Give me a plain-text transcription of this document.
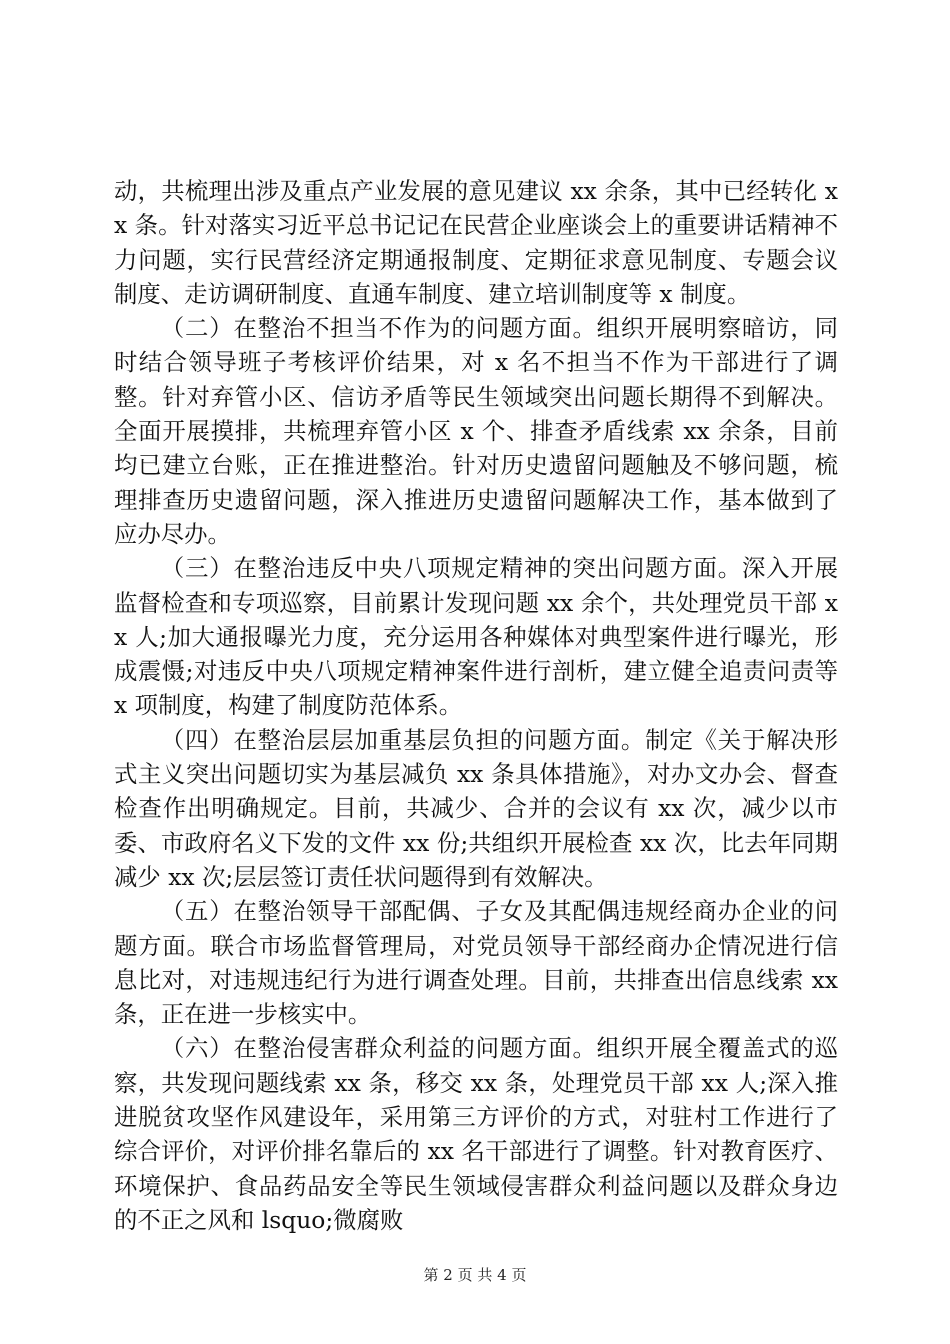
动，共梳理出涉及重点产业发展的意见建议 xx 余条，其中已经转化 xx 条。针对落实习近平总书记记在民营企业座谈会上的重要讲话精神不力问题，实行民营经济定期通报制度、定期征求意见制度、专题会议制度、走访调研制度、直通车制度、建立培训制度等 x 制度。

（二）在整治不担当不作为的问题方面。组织开展明察暗访，同时结合领导班子考核评价结果，对 x 名不担当不作为干部进行了调整。针对弃管小区、信访矛盾等民生领域突出问题长期得不到解决。全面开展摸排，共梳理弃管小区 x 个、排查矛盾线索 xx 余条，目前均已建立台账，正在推进整治。针对历史遗留问题触及不够问题，梳理排查历史遗留问题，深入推进历史遗留问题解决工作，基本做到了应办尽办。

（三）在整治违反中央八项规定精神的突出问题方面。深入开展监督检查和专项巡察，目前累计发现问题 xx 余个，共处理党员干部 xx 人;加大通报曝光力度，充分运用各种媒体对典型案件进行曝光，形成震慑;对违反中央八项规定精神案件进行剖析，建立健全追责问责等 x 项制度，构建了制度防范体系。

（四）在整治层层加重基层负担的问题方面。制定《关于解决形式主义突出问题切实为基层减负 xx 条具体措施》，对办文办会、督查检查作出明确规定。目前，共减少、合并的会议有 xx 次，减少以市委、市政府名义下发的文件 xx 份;共组织开展检查 xx 次，比去年同期减少 xx 次;层层签订责任状问题得到有效解决。

（五）在整治领导干部配偶、子女及其配偶违规经商办企业的问题方面。联合市场监督管理局，对党员领导干部经商办企情况进行信息比对，对违规违纪行为进行调查处理。目前，共排查出信息线索 xx 条，正在进一步核实中。

（六）在整治侵害群众利益的问题方面。组织开展全覆盖式的巡察，共发现问题线索 xx 条，移交 xx 条，处理党员干部 xx 人;深入推进脱贫攻坚作风建设年，采用第三方评价的方式，对驻村工作进行了综合评价，对评价排名靠后的 xx 名干部进行了调整。针对教育医疗、环境保护、食品药品安全等民生领域侵害群众利益问题以及群众身边的不正之风和 lsquo;微腐败

第 2 页 共 4 页
